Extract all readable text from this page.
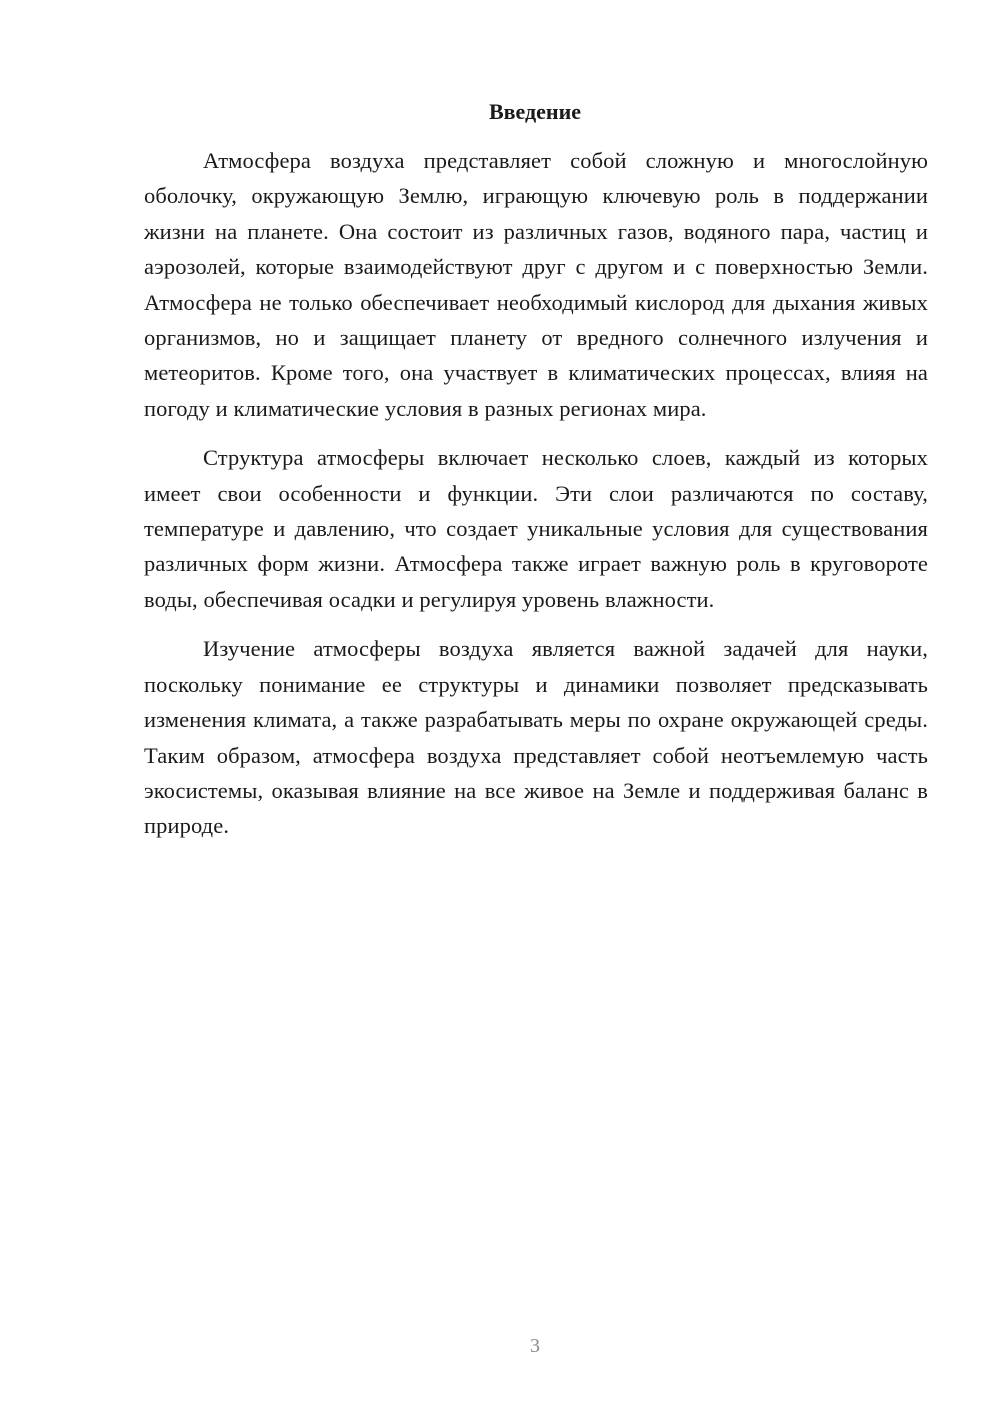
Введение

Атмосфера воздуха представляет собой сложную и многослойную оболочку, окружающую Землю, играющую ключевую роль в поддержании жизни на планете. Она состоит из различных газов, водяного пара, частиц и аэрозолей, которые взаимодействуют друг с другом и с поверхностью Земли. Атмосфера не только обеспечивает необходимый кислород для дыхания живых организмов, но и защищает планету от вредного солнечного излучения и метеоритов. Кроме того, она участвует в климатических процессах, влияя на погоду и климатические условия в разных регионах мира.

Структура атмосферы включает несколько слоев, каждый из которых имеет свои особенности и функции. Эти слои различаются по составу, температуре и давлению, что создает уникальные условия для существования различных форм жизни. Атмосфера также играет важную роль в круговороте воды, обеспечивая осадки и регулируя уровень влажности.

Изучение атмосферы воздуха является важной задачей для науки, поскольку понимание ее структуры и динамики позволяет предсказывать изменения климата, а также разрабатывать меры по охране окружающей среды. Таким образом, атмосфера воздуха представляет собой неотъемлемую часть экосистемы, оказывая влияние на все живое на Земле и поддерживая баланс в природе.

3
